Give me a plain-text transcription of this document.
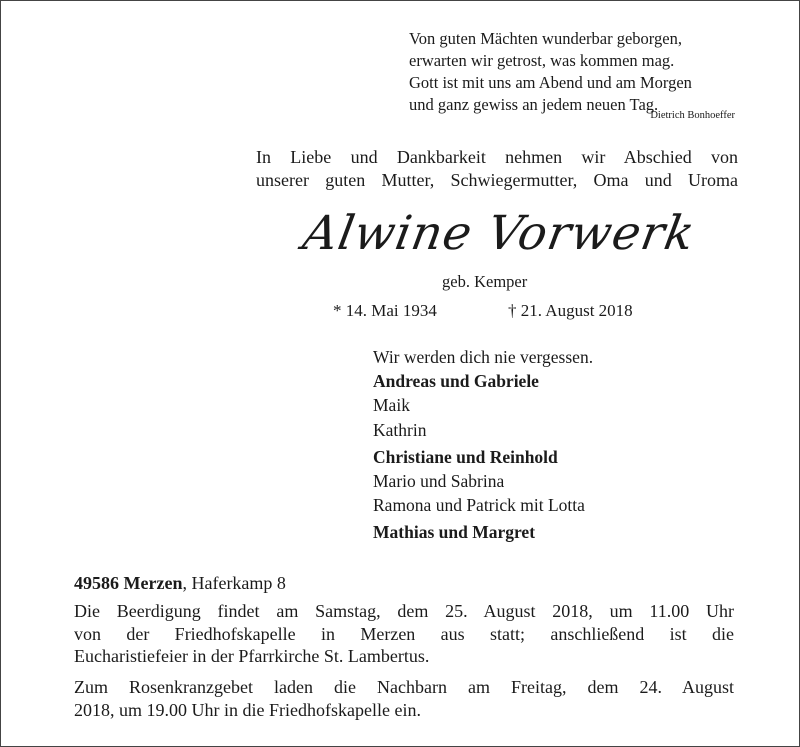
Von guten Mächten wunderbar geborgen,
erwarten wir getrost, was kommen mag.
Gott ist mit uns am Abend und am Morgen
und ganz gewiss an jedem neuen Tag.
Dietrich Bonhoeffer
In Liebe und Dankbarkeit nehmen wir Abschied von
unserer guten Mutter, Schwiegermutter, Oma und Uroma
Alwine Vorwerk
geb. Kemper
* 14. Mai 1934	† 21. August 2018
Wir werden dich nie vergessen.
Andreas und Gabriele
Maik
Kathrin
Christiane und Reinhold
Mario und Sabrina
Ramona und Patrick mit Lotta
Mathias und Margret
49586 Merzen, Haferkamp 8
Die Beerdigung findet am Samstag, dem 25. August 2018, um 11.00 Uhr
von der Friedhofskapelle in Merzen aus statt; anschließend ist die
Eucharistiefeier in der Pfarrkirche St. Lambertus.
Zum Rosenkranzgebet laden die Nachbarn am Freitag, dem 24. August
2018, um 19.00 Uhr in die Friedhofskapelle ein.
